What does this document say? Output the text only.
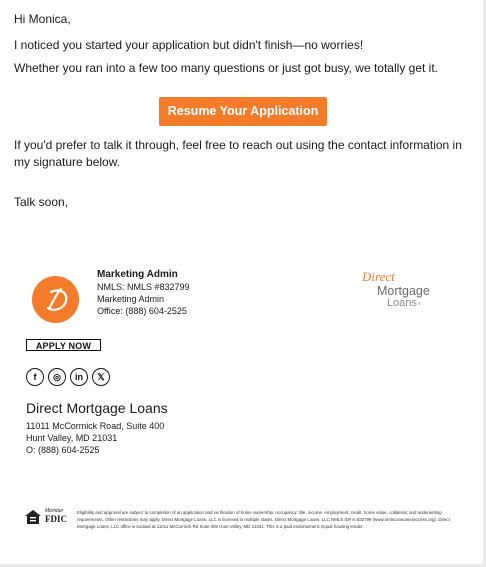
Hi Monica,

I noticed you started your application but didn't finish—no worries!

Whether you ran into a few too many questions or just got busy, we totally get it.

Resume Your Application

If you'd prefer to talk it through, feel free to reach out using the contact information in my signature below.

Talk soon,

Marketing Admin
NMLS: NMLS #832799
Marketing Admin
Office: (888) 604-2525
Direct
Mortgage
Loans ®
APPLY NOW
f	◎	in	𝕏
Direct Mortgage Loans
11011 McCormick Road, Suite 400
Hunt Valley, MD 21031
O: (888) 604-2525
Member
FDIC
Eligibility and approval are subject to completion of an application and verification of home ownership, occupancy, title, income, employment, credit, home value, collateral, and underwriting requirements. Other restrictions may apply. Direct Mortgage Loans, LLC is licensed in multiple states. Direct Mortgage Loans, LLC NMLS ID# is 832799 (www.nmlsconsumeraccess.org). Direct Mortgage Loans, LLC office is located at 11011 McCormick Rd Suite 400 Hunt Valley, MD 21031. This is a paid endorsement. Equal housing lender.
